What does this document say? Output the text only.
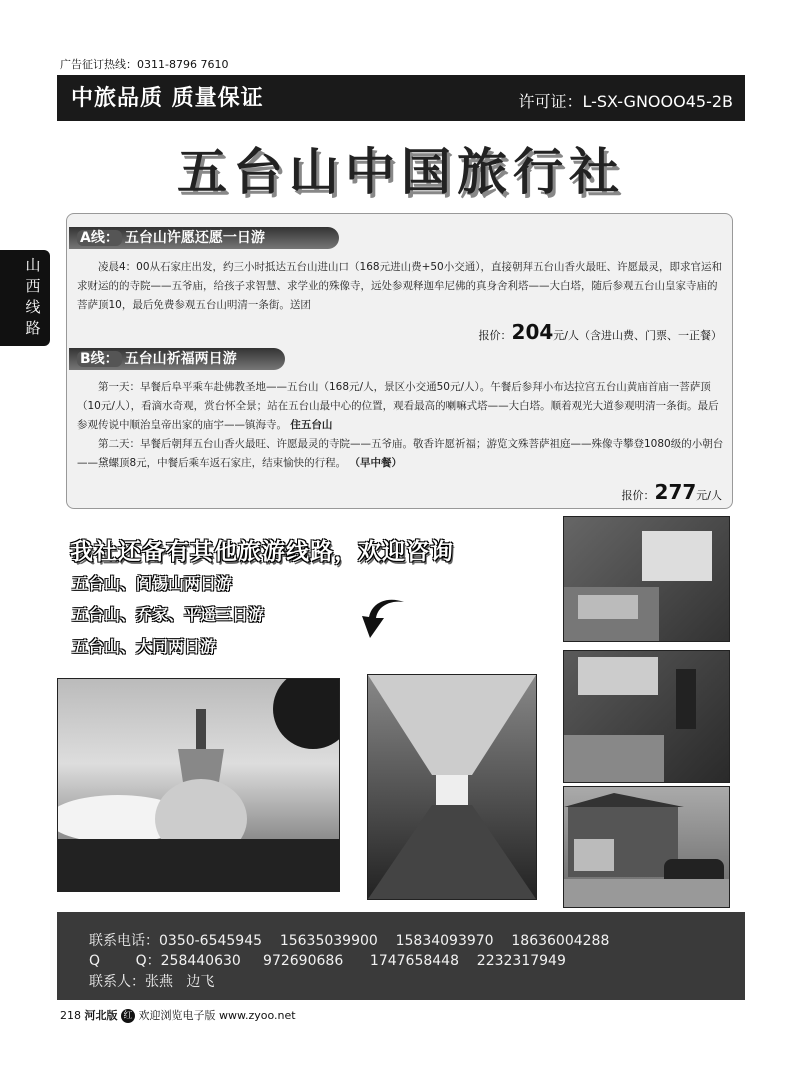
广告征订热线：0311-8796 7610
中旅品质 质量保证	许可证：L-SX-GNOOO45-2B
五台山中国旅行社
山西线路
A线： 五台山许愿还愿一日游
凌晨4：00从石家庄出发，约三小时抵达五台山进山口（168元进山费+50小交通），直接朝拜五台山香火最旺、许愿最灵，即求官运和求财运的的寺院——五爷庙，给孩子求智慧、求学业的殊像寺，远处参观释迦牟尼佛的真身舍利塔——大白塔，随后参观五台山皇家寺庙的菩萨顶10，最后免费参观五台山明清一条街。送团
报价：204元/人（含进山费、门票、一正餐）
B线： 五台山祈福两日游
第一天：早餐后阜平乘车赴佛教圣地——五台山（168元/人，景区小交通50元/人）。午餐后参拜小布达拉宫五台山黄庙首庙一菩萨顶（10元/人），看滴水奇观，赏台怀全景；站在五台山最中心的位置，观看最高的喇嘛式塔——大白塔。顺着观光大道参观明清一条街。最后参观传说中顺治皇帝出家的庙宇——镇海寺。 住五台山
第二天：早餐后朝拜五台山香火最旺、许愿最灵的寺院——五爷庙。敬香许愿祈福；游览文殊菩萨祖庭——殊像寺攀登1080级的小朝台——黛螺顶8元，中餐后乘车返石家庄，结束愉快的行程。 （早中餐）
报价：277元/人
我社还备有其他旅游线路，欢迎咨询
五台山、阎锡山两日游
五台山、乔家、平遥三日游
五台山、大同两日游
联系电话：0350-6545945    15635039900    15834093970    18636004288
Q        Q：258440630     972690686      1747658448    2232317949
联系人：张燕   边飞
218 河北版 红 欢迎浏览电子版 www.zyoo.net
